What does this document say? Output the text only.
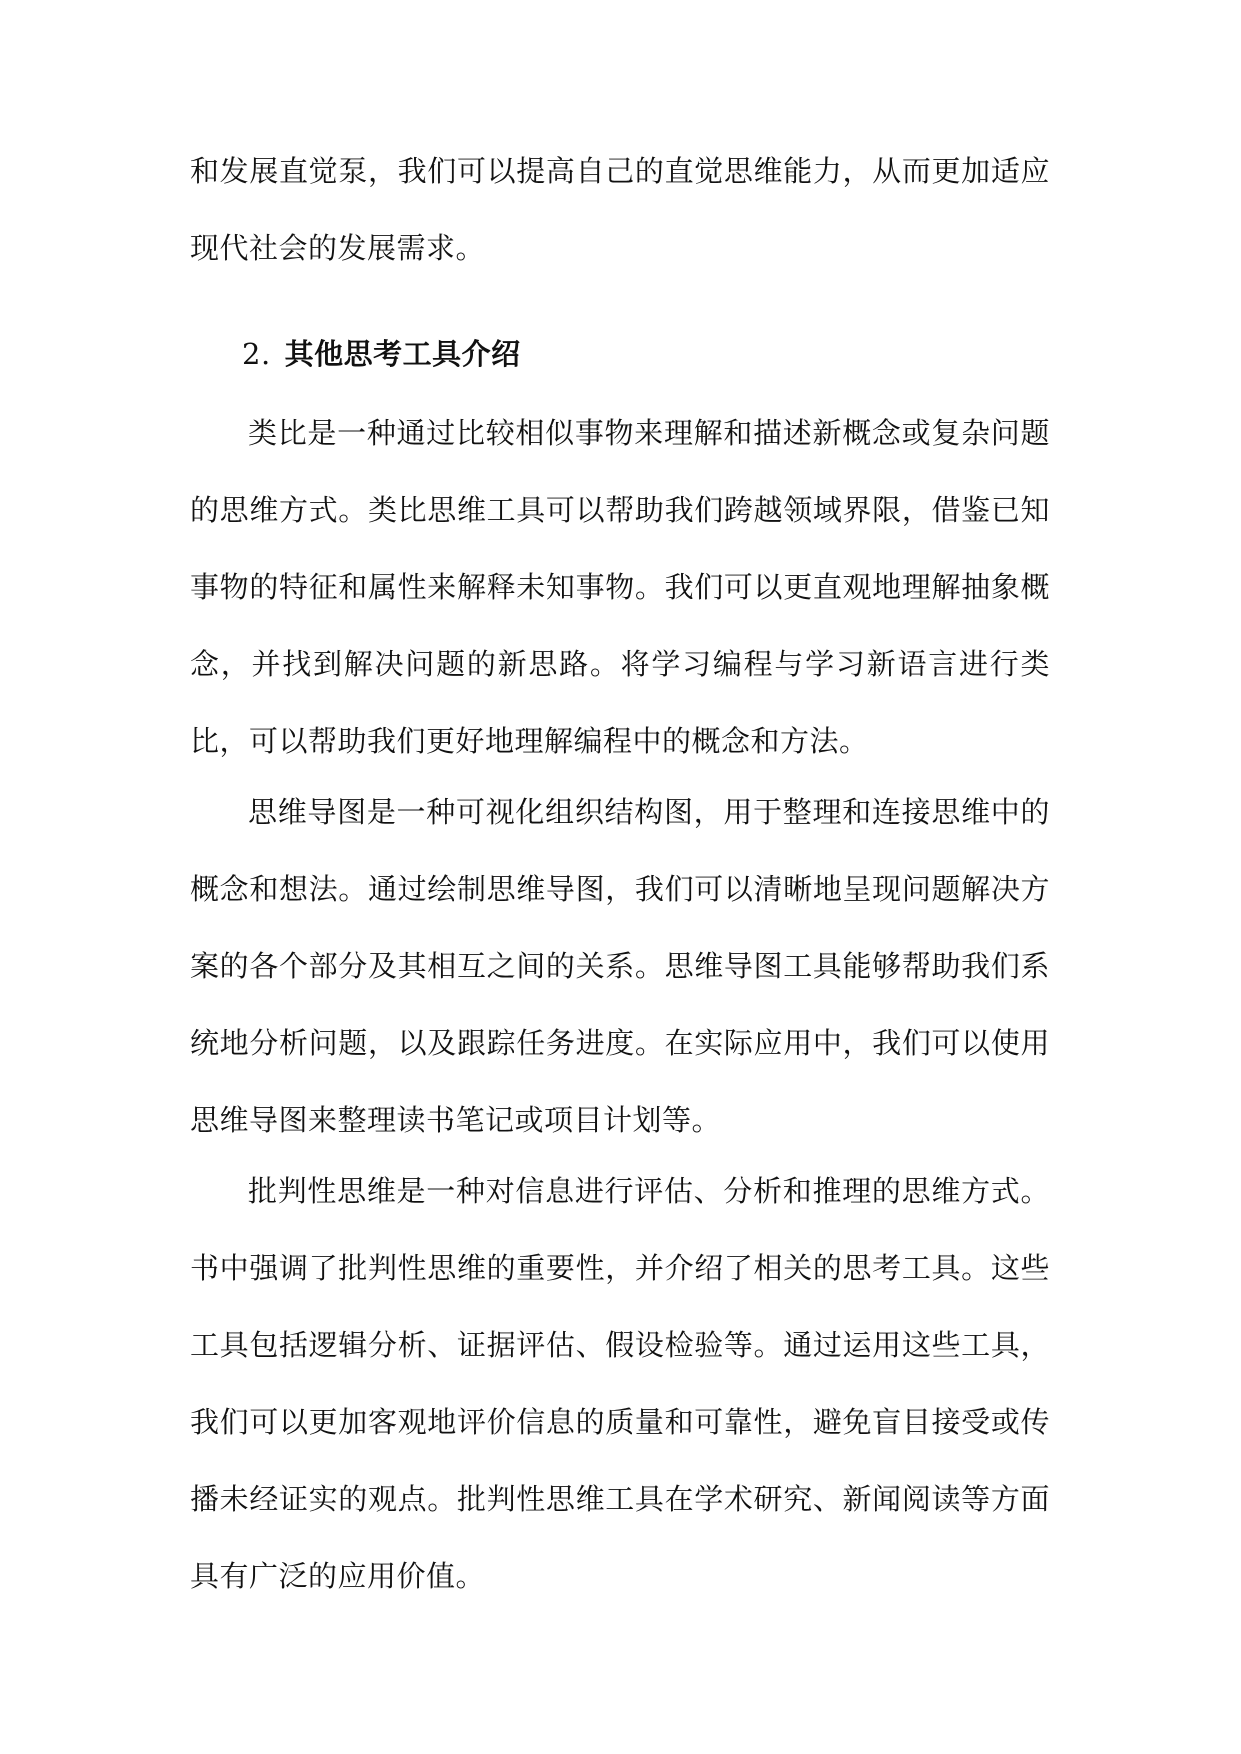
和发展直觉泵，我们可以提高自己的直觉思维能力，从而更加适应现代社会的发展需求。

2. 其他思考工具介绍

类比是一种通过比较相似事物来理解和描述新概念或复杂问题的思维方式。类比思维工具可以帮助我们跨越领域界限，借鉴已知事物的特征和属性来解释未知事物。我们可以更直观地理解抽象概念，并找到解决问题的新思路。将学习编程与学习新语言进行类比，可以帮助我们更好地理解编程中的概念和方法。

思维导图是一种可视化组织结构图，用于整理和连接思维中的概念和想法。通过绘制思维导图，我们可以清晰地呈现问题解决方案的各个部分及其相互之间的关系。思维导图工具能够帮助我们系统地分析问题，以及跟踪任务进度。在实际应用中，我们可以使用思维导图来整理读书笔记或项目计划等。

批判性思维是一种对信息进行评估、分析和推理的思维方式。书中强调了批判性思维的重要性，并介绍了相关的思考工具。这些工具包括逻辑分析、证据评估、假设检验等。通过运用这些工具，我们可以更加客观地评价信息的质量和可靠性，避免盲目接受或传播未经证实的观点。批判性思维工具在学术研究、新闻阅读等方面具有广泛的应用价值。
